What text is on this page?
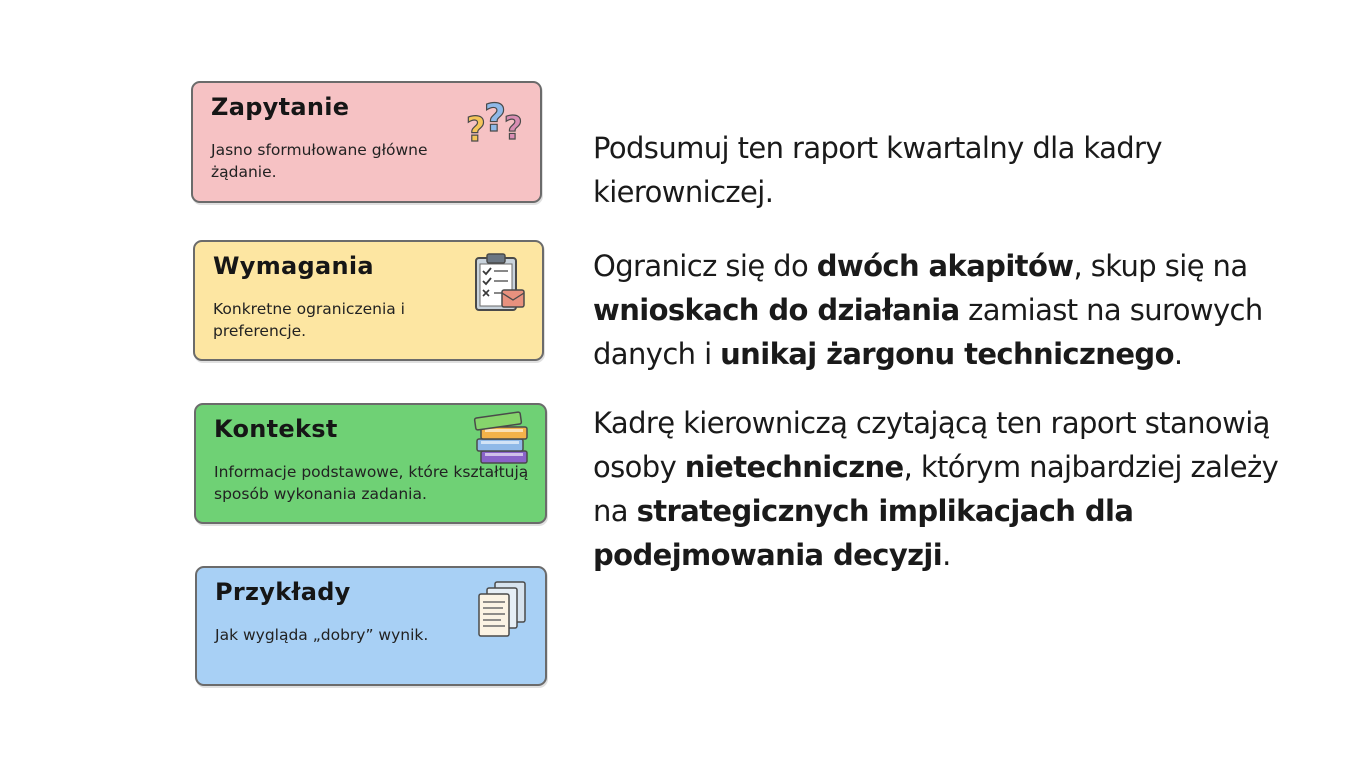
Zapytanie
Jasno sformułowane główne żądanie.
?
?
?
Wymagania
Konkretne ograniczenia i preferencje.
Kontekst
Informacje podstawowe, które kształtują sposób wykonania zadania.
Przykłady
Jak wygląda „dobry” wynik.

Podsumuj ten raport kwartalny dla kadry kierowniczej.

Ogranicz się do dwóch akapitów, skup się na wnioskach do działania zamiast na surowych danych i unikaj żargonu technicznego.

Kadrę kierowniczą czytającą ten raport stanowią osoby nietechniczne, którym najbardziej zależy na strategicznych implikacjach dla podejmowania decyzji.
